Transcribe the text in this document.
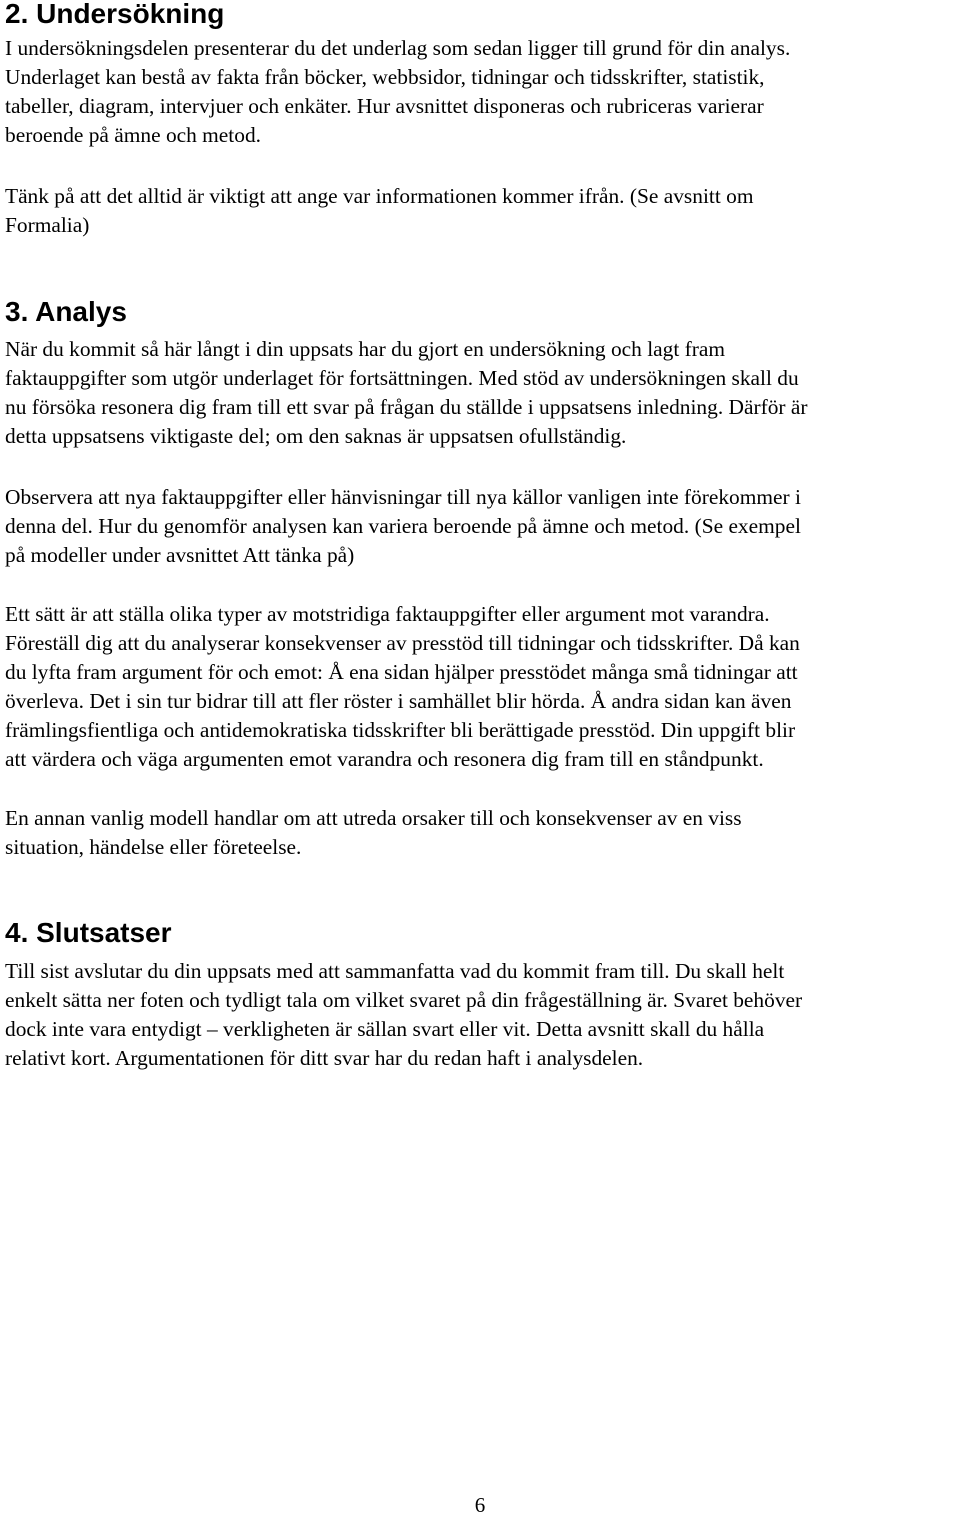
2. Undersökning

I undersökningsdelen presenterar du det underlag som sedan ligger till grund för din analys.
Underlaget kan bestå av fakta från böcker, webbsidor, tidningar och tidsskrifter, statistik,
tabeller, diagram, intervjuer och enkäter. Hur avsnittet disponeras och rubriceras varierar
beroende på ämne och metod.

Tänk på att det alltid är viktigt att ange var informationen kommer ifrån. (Se avsnitt om
Formalia)

3. Analys

När du kommit så här långt i din uppsats har du gjort en undersökning och lagt fram
faktauppgifter som utgör underlaget för fortsättningen. Med stöd av undersökningen skall du
nu försöka resonera dig fram till ett svar på frågan du ställde i uppsatsens inledning. Därför är
detta uppsatsens viktigaste del; om den saknas är uppsatsen ofullständig.

Observera att nya faktauppgifter eller hänvisningar till nya källor vanligen inte förekommer i
denna del. Hur du genomför analysen kan variera beroende på ämne och metod. (Se exempel
på modeller under avsnittet Att tänka på)

Ett sätt är att ställa olika typer av motstridiga faktauppgifter eller argument mot varandra.
Föreställ dig att du analyserar konsekvenser av presstöd till tidningar och tidsskrifter. Då kan
du lyfta fram argument för och emot: Å ena sidan hjälper presstödet många små tidningar att
överleva. Det i sin tur bidrar till att fler röster i samhället blir hörda. Å andra sidan kan även
främlingsfientliga och antidemokratiska tidsskrifter bli berättigade presstöd. Din uppgift blir
att värdera och väga argumenten emot varandra och resonera dig fram till en ståndpunkt.

En annan vanlig modell handlar om att utreda orsaker till och konsekvenser av en viss
situation, händelse eller företeelse.

4. Slutsatser

Till sist avslutar du din uppsats med att sammanfatta vad du kommit fram till. Du skall helt
enkelt sätta ner foten och tydligt tala om vilket svaret på din frågeställning är. Svaret behöver
dock inte vara entydigt – verkligheten är sällan svart eller vit. Detta avsnitt skall du hålla
relativt kort. Argumentationen för ditt svar har du redan haft i analysdelen.

6
